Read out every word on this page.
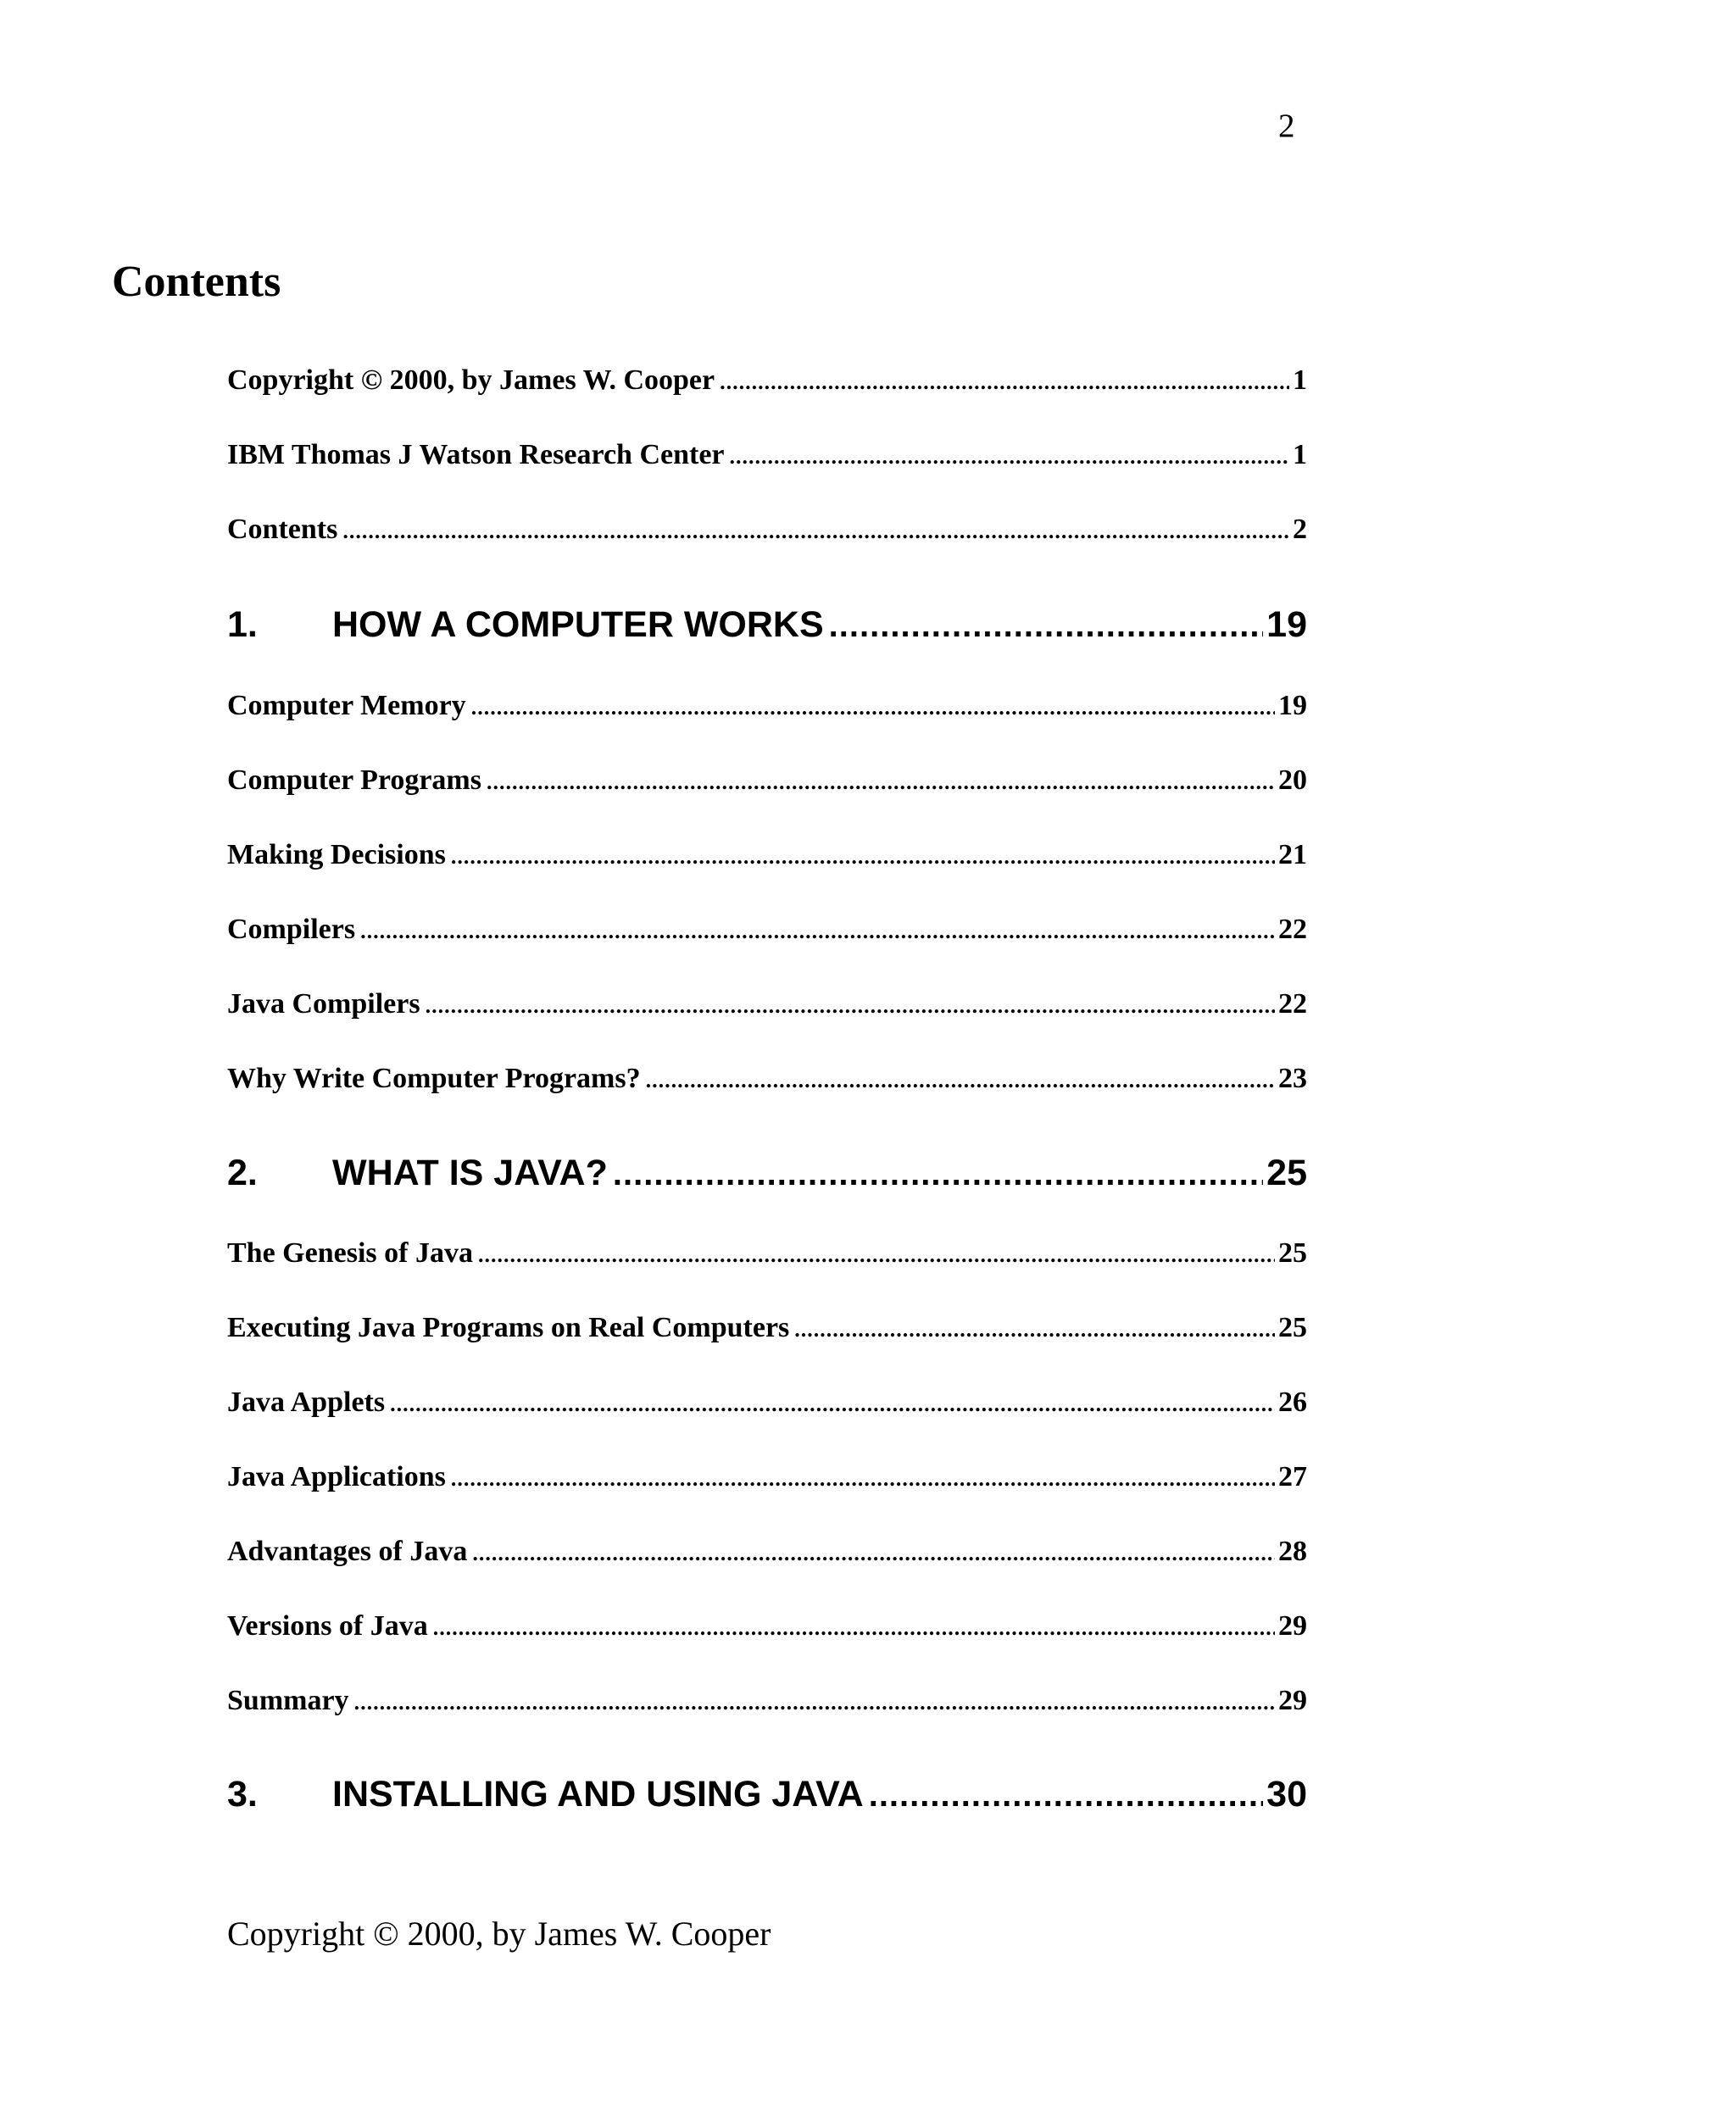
2
Contents
Copyright © 2000, by James W. Cooper .....	1
IBM Thomas J Watson Research Center .....	1
Contents .....	2
1.	HOW A COMPUTER WORKS .....	19
Computer Memory .....	19
Computer Programs .....	20
Making Decisions .....	21
Compilers .....	22
Java Compilers .....	22
Why Write Computer Programs? .....	23
2.	WHAT IS JAVA? .....	25
The Genesis of Java .....	25
Executing Java Programs on Real Computers .....	25
Java Applets .....	26
Java Applications .....	27
Advantages of Java .....	28
Versions of Java .....	29
Summary .....	29
3.	INSTALLING AND USING JAVA .....	30
Copyright © 2000, by James W. Cooper
